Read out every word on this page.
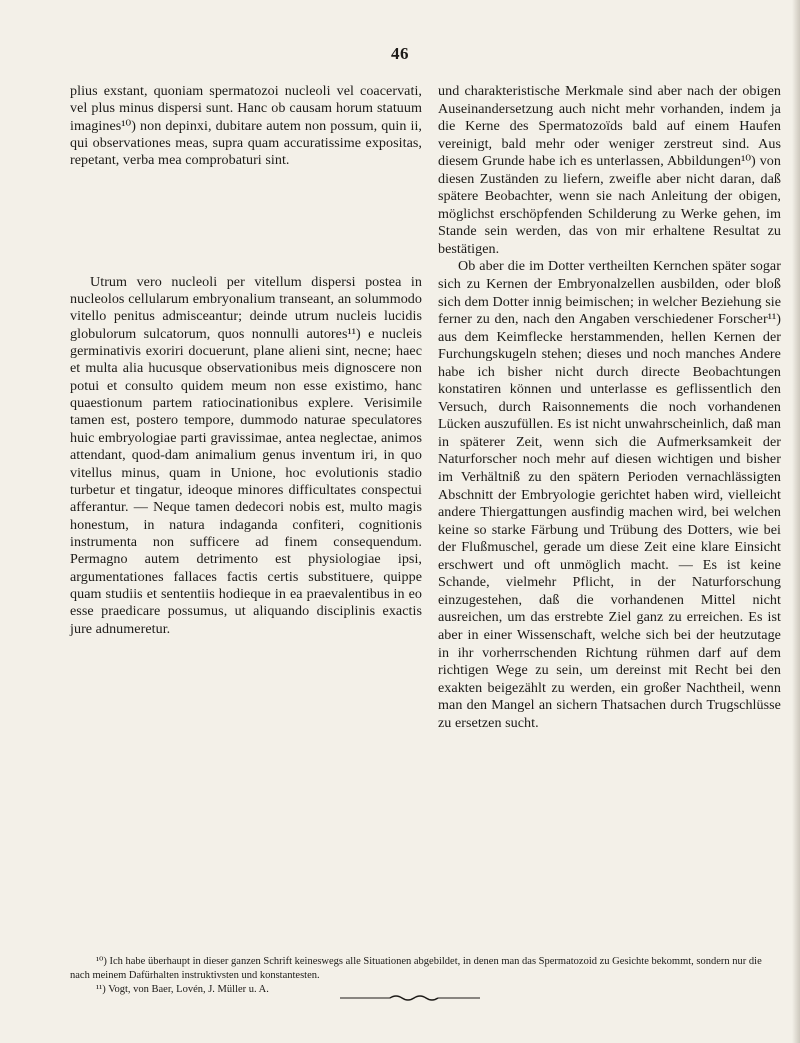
46

plius exstant, quoniam spermatozoi nucleoli vel coacervati, vel plus minus dispersi sunt. Hanc ob causam horum statuum imagines¹⁰) non depinxi, dubitare autem non possum, quin ii, qui observationes meas, supra quam accuratissime expositas, repetant, verba mea comprobaturi sint.

Utrum vero nucleoli per vitellum dispersi postea in nucleolos cellularum embryonalium transeant, an solummodo vitello penitus admisceantur; deinde utrum nucleis lucidis globulorum sulcatorum, quos nonnulli autores¹¹) e nucleis germinativis exoriri docuerunt, plane alieni sint, necne; haec et multa alia hucusque observationibus meis dignoscere non potui et consulto quidem meum non esse existimo, hanc quaestionum partem ratiocinationibus explere. Verisimile tamen est, postero tempore, dummodo naturae speculatores huic embryologiae parti gravissimae, antea neglectae, animos attendant, quod-dam animalium genus inventum iri, in quo vitellus minus, quam in Unione, hoc evolutionis stadio turbetur et tingatur, ideoque minores difficultates conspectui afferantur. — Neque tamen dedecori nobis est, multo magis honestum, in natura indaganda confiteri, cognitionis instrumenta non sufficere ad finem consequendum. Permagno autem detrimento est physiologiae ipsi, argumentationes fallaces factis certis substituere, quippe quam studiis et sententiis hodieque in ea praevalentibus in eo esse praedicare possumus, ut aliquando disciplinis exactis jure adnumeretur.

und charakteristische Merkmale sind aber nach der obigen Auseinandersetzung auch nicht mehr vorhanden, indem ja die Kerne des Spermatozoïds bald auf einem Haufen vereinigt, bald mehr oder weniger zerstreut sind. Aus diesem Grunde habe ich es unterlassen, Abbildungen¹⁰) von diesen Zuständen zu liefern, zweifle aber nicht daran, daß spätere Beobachter, wenn sie nach Anleitung der obigen, möglichst erschöpfenden Schilderung zu Werke gehen, im Stande sein werden, das von mir erhaltene Resultat zu bestätigen.

Ob aber die im Dotter vertheilten Kernchen später sogar sich zu Kernen der Embryonalzellen ausbilden, oder bloß sich dem Dotter innig beimischen; in welcher Beziehung sie ferner zu den, nach den Angaben verschiedener Forscher¹¹) aus dem Keimflecke herstammenden, hellen Kernen der Furchungskugeln stehen; dieses und noch manches Andere habe ich bisher nicht durch directe Beobachtungen konstatiren können und unterlasse es geflissentlich den Versuch, durch Raisonnements die noch vorhandenen Lücken auszufüllen. Es ist nicht unwahrscheinlich, daß man in späterer Zeit, wenn sich die Aufmerksamkeit der Naturforscher noch mehr auf diesen wichtigen und bisher im Verhältniß zu den spätern Perioden vernachlässigten Abschnitt der Embryologie gerichtet haben wird, vielleicht andere Thiergattungen ausfindig machen wird, bei welchen keine so starke Färbung und Trübung des Dotters, wie bei der Flußmuschel, gerade um diese Zeit eine klare Einsicht erschwert und oft unmöglich macht. — Es ist keine Schande, vielmehr Pflicht, in der Naturforschung einzugestehen, daß die vorhandenen Mittel nicht ausreichen, um das erstrebte Ziel ganz zu erreichen. Es ist aber in einer Wissenschaft, welche sich bei der heutzutage in ihr vorherrschenden Richtung rühmen darf auf dem richtigen Wege zu sein, um dereinst mit Recht bei den exakten beigezählt zu werden, ein großer Nachtheil, wenn man den Mangel an sichern Thatsachen durch Trugschlüsse zu ersetzen sucht.

¹⁰) Ich habe überhaupt in dieser ganzen Schrift keineswegs alle Situationen abgebildet, in denen man das Spermatozoid zu Gesichte bekommt, sondern nur die nach meinem Dafürhalten instruktivsten und konstantesten.

¹¹) Vogt, von Baer, Lovén, J. Müller u. A.
